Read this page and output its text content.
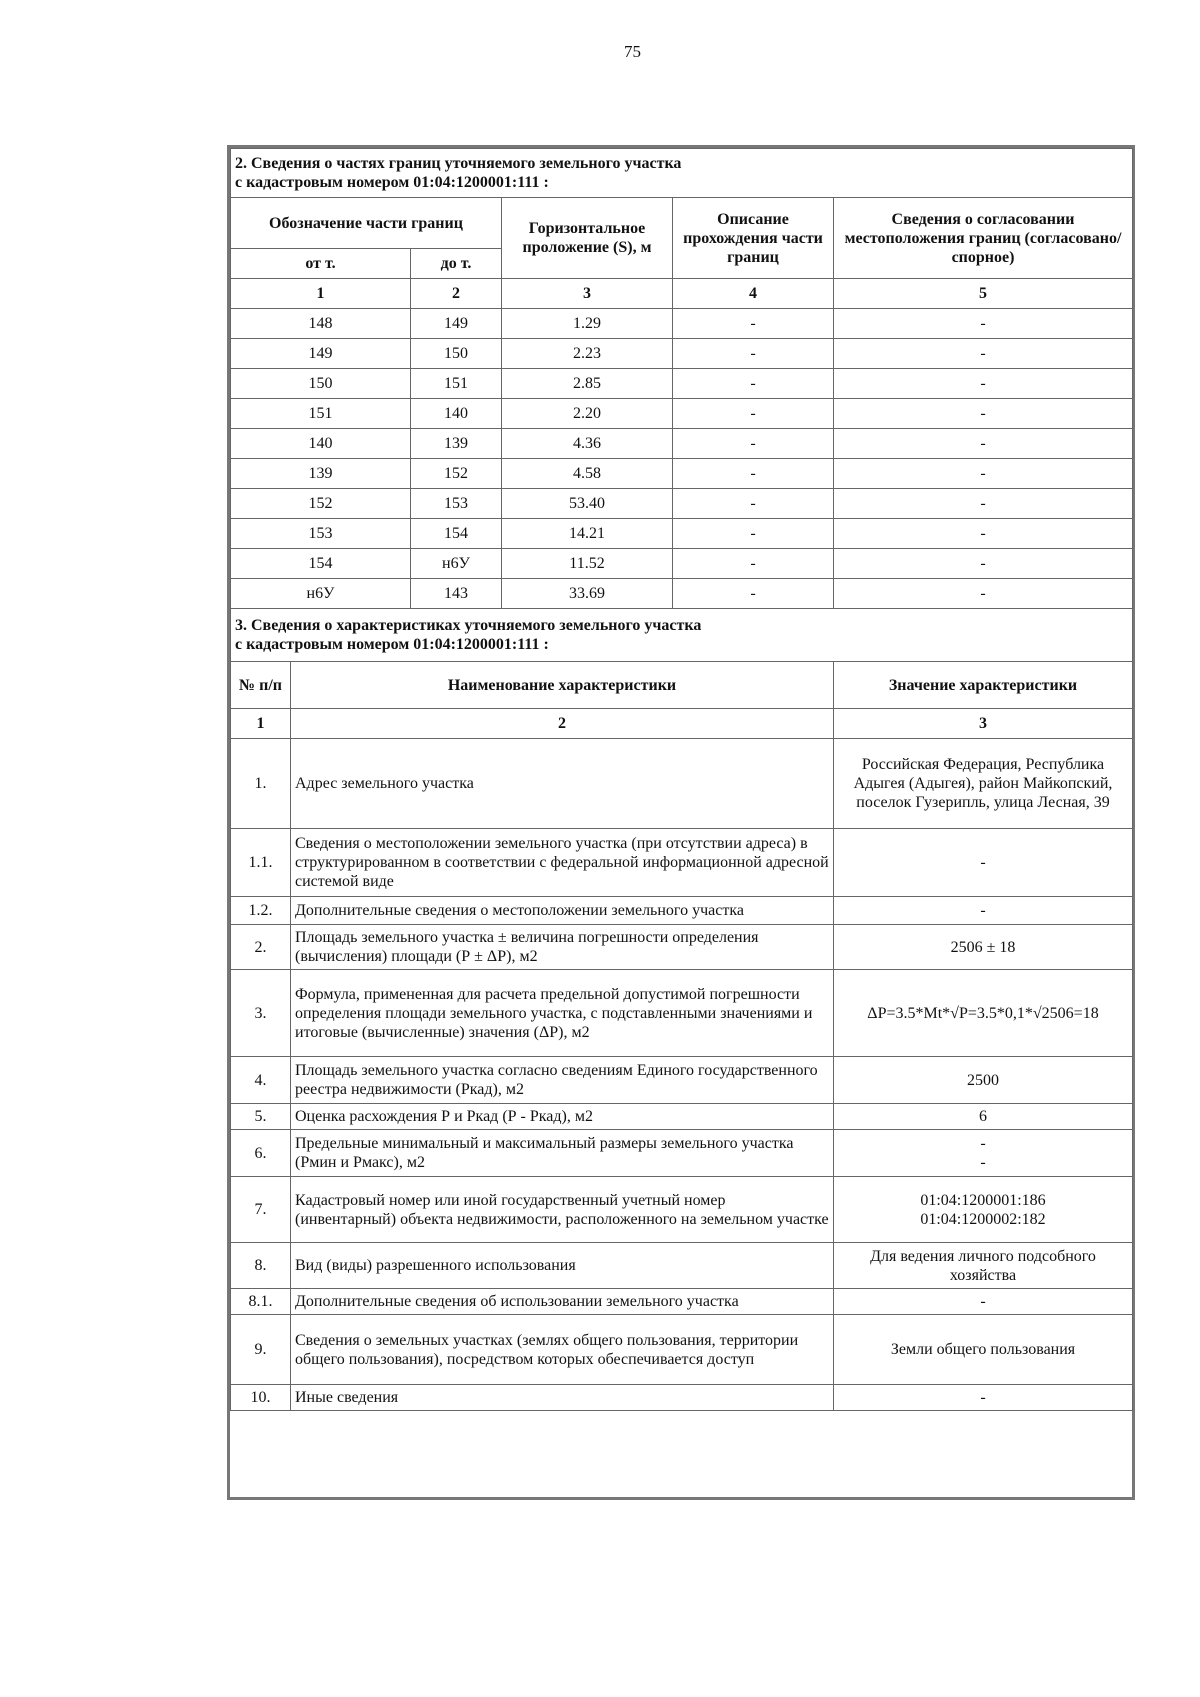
75
2. Сведения о частях границ уточняемого земельного участка
с кадастровым номером 01:04:1200001:111 :					

Обозначение части границ			Горизонтальное проложение (S), м	Описание прохождения части границ	Сведения о согласовании местоположения границ (согласовано/спорное)
от т.		до т.			
1		2	3	4	5
148		149	1.29	-	-
149		150	2.23	-	-
150		151	2.85	-	-
151		140	2.20	-	-
140		139	4.36	-	-
139		152	4.58	-	-
152		153	53.40	-	-
153		154	14.21	-	-
154		н6У	11.52	-	-
н6У		143	33.69	-	-

3. Сведения о характеристиках уточняемого земельного участка
с кадастровым номером 01:04:1200001:111 :					

№ п/п	Наименование характеристики				Значение характеристики
1	2				3
1.	Адрес земельного участка				Российская Федерация, Республика Адыгея (Адыгея), район Майкопский, поселок Гузерипль, улица Лесная, 39
1.1.	Сведения о местоположении земельного участка (при отсутствии адреса) в структурированном в соответствии с федеральной информационной адресной системой виде				-
1.2.	Дополнительные сведения о местоположении земельного участка				-
2.	Площадь земельного участка ± величина погрешности определения (вычисления) площади (Р ± ΔР), м2				2506 ± 18
3.	Формула, примененная для расчета предельной допустимой погрешности определения площади земельного участка, с подставленными значениями и итоговые (вычисленные) значения (ΔР), м2				ΔP=3.5*Mt*√P=3.5*0,1*√2506=18
4.	Площадь земельного участка согласно сведениям Единого государственного реестра недвижимости (Ркад), м2				2500
5.	Оценка расхождения Р и Ркад (Р - Ркад), м2				6
6.	Предельные минимальный и максимальный размеры земельного участка (Рмин и Рмакс), м2				-
-

7.	Кадастровый номер или иной государственный учетный номер (инвентарный) объекта недвижимости, расположенного на земельном участке				01:04:1200001:186
01:04:1200002:182

8.	Вид (виды) разрешенного использования				Для ведения личного подсобного хозяйства
8.1.	Дополнительные сведения об использовании земельного участка				-
9.	Сведения о земельных участках (землях общего пользования, территории общего пользования), посредством которых обеспечивается доступ				Земли общего пользования
10.	Иные сведения				-
